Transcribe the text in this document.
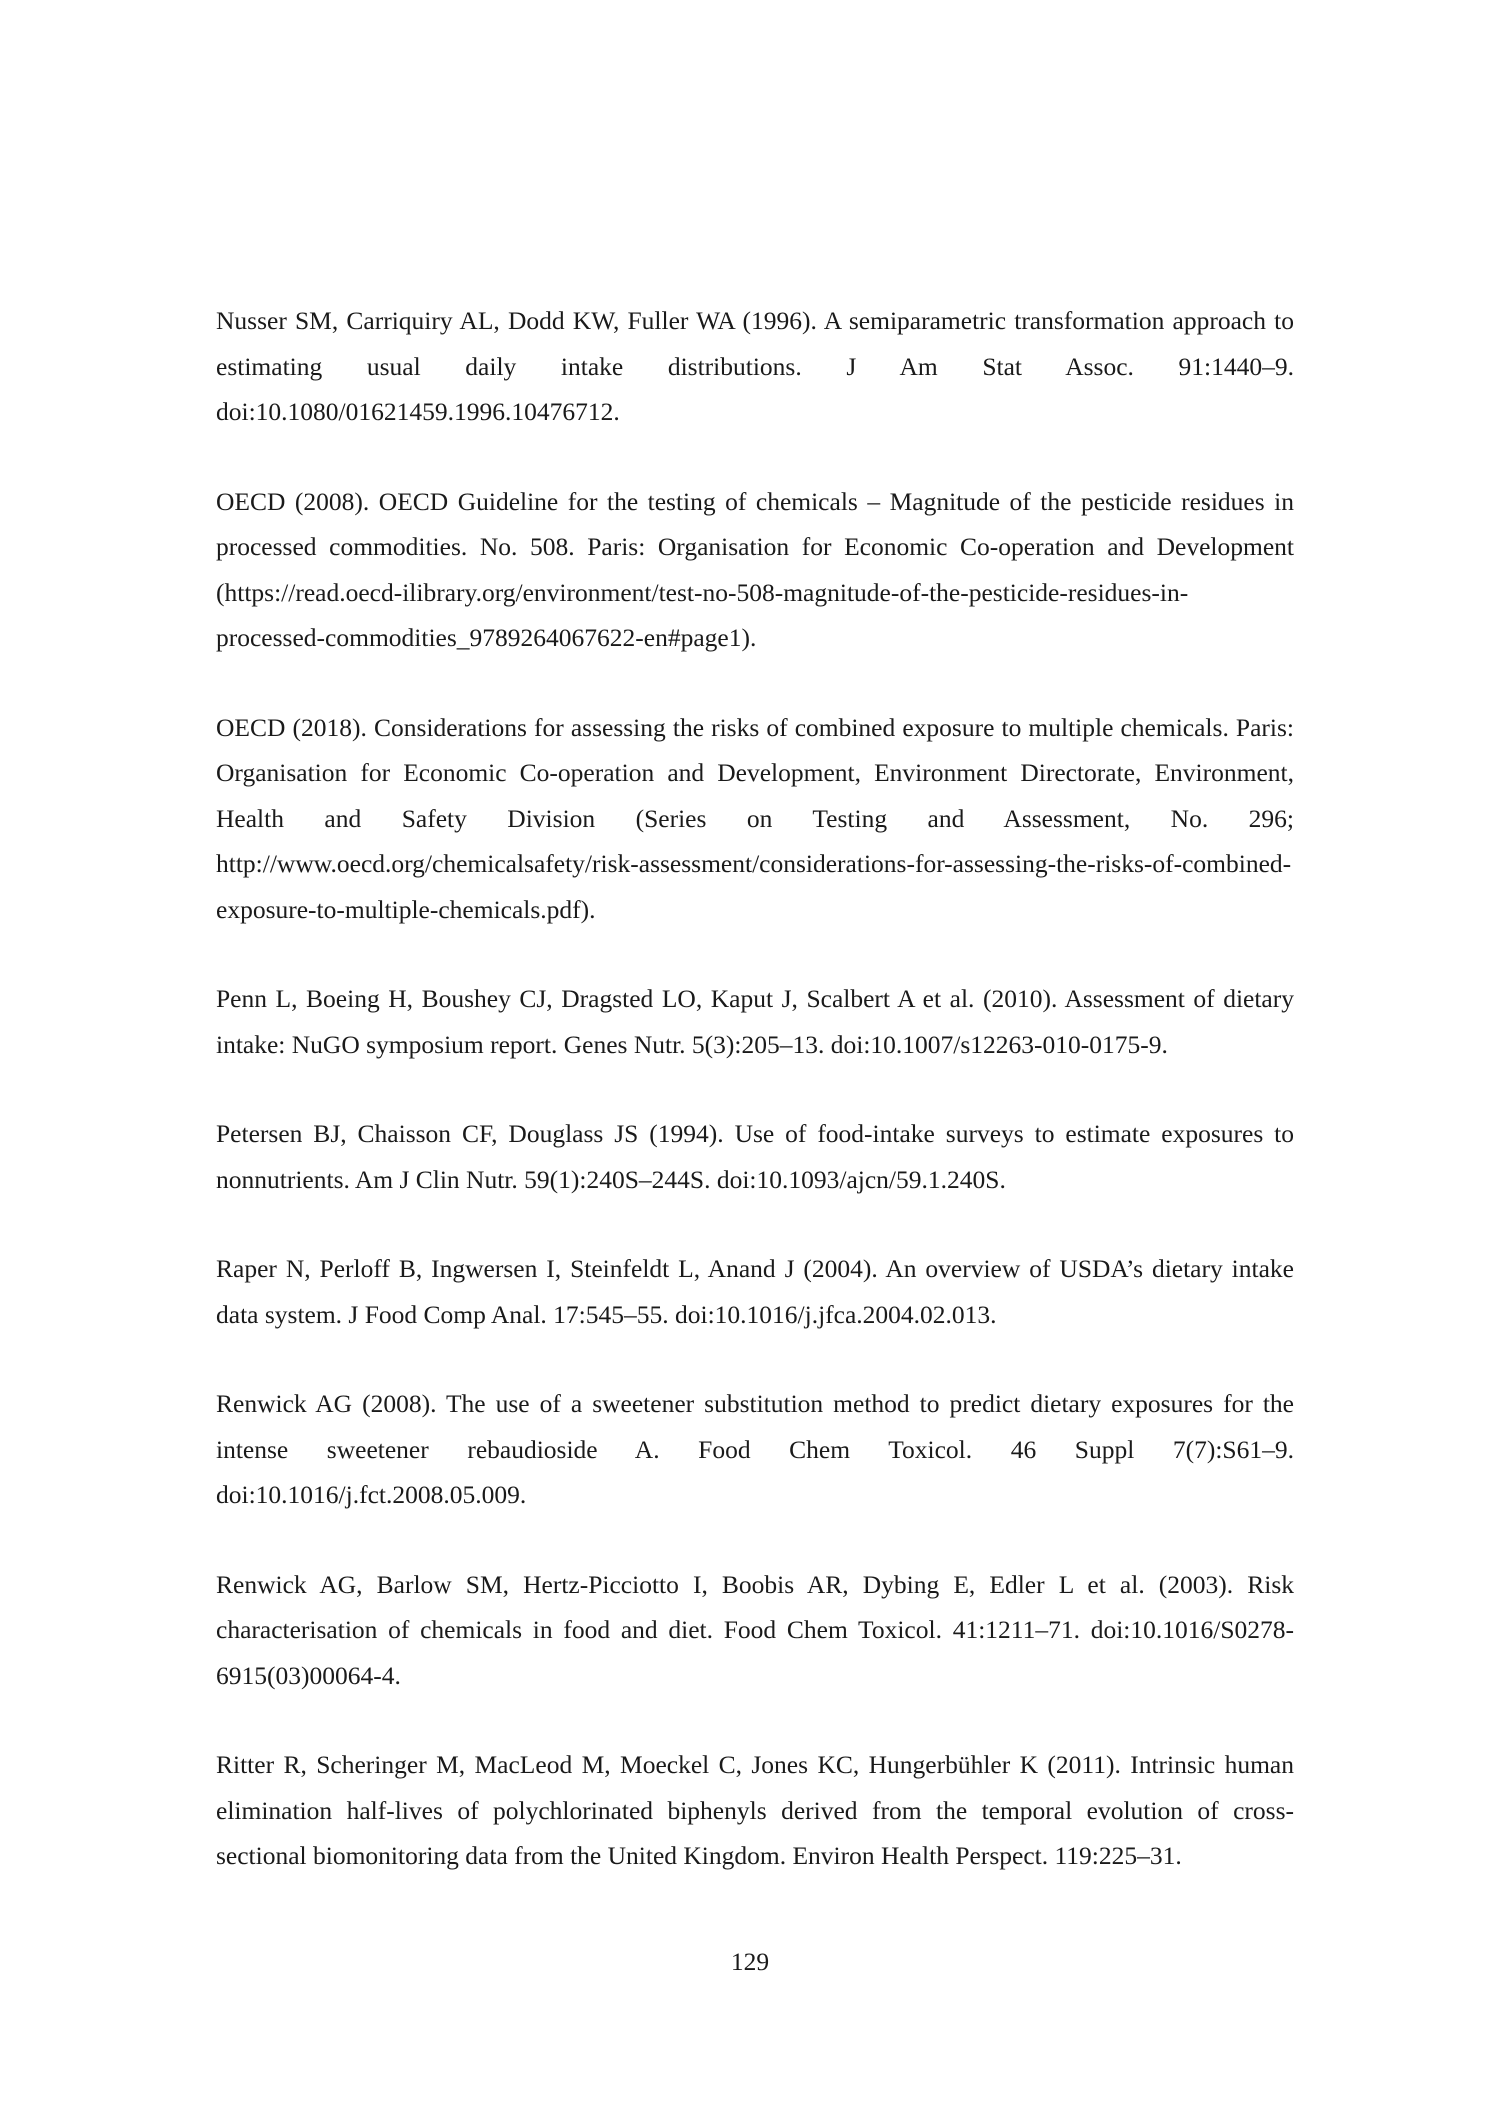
Nusser SM, Carriquiry AL, Dodd KW, Fuller WA (1996). A semiparametric transformation approach to estimating usual daily intake distributions. J Am Stat Assoc. 91:1440–9. doi:10.1080/01621459.1996.10476712.

OECD (2008). OECD Guideline for the testing of chemicals – Magnitude of the pesticide residues in processed commodities. No. 508. Paris: Organisation for Economic Co-operation and Development (https://read.oecd-ilibrary.org/environment/test-no-508-magnitude-of-the-pesticide-residues-in-processed-commodities_9789264067622-en#page1).

OECD (2018). Considerations for assessing the risks of combined exposure to multiple chemicals. Paris: Organisation for Economic Co-operation and Development, Environment Directorate, Environment, Health and Safety Division (Series on Testing and Assessment, No. 296; http://www.oecd.org/chemicalsafety/risk-assessment/considerations-for-assessing-the-risks-of-combined-exposure-to-multiple-chemicals.pdf).

Penn L, Boeing H, Boushey CJ, Dragsted LO, Kaput J, Scalbert A et al. (2010). Assessment of dietary intake: NuGO symposium report. Genes Nutr. 5(3):205–13. doi:10.1007/s12263-010-0175-9.

Petersen BJ, Chaisson CF, Douglass JS (1994). Use of food-intake surveys to estimate exposures to nonnutrients. Am J Clin Nutr. 59(1):240S–244S. doi:10.1093/ajcn/59.1.240S.

Raper N, Perloff B, Ingwersen I, Steinfeldt L, Anand J (2004). An overview of USDA’s dietary intake data system. J Food Comp Anal. 17:545–55. doi:10.1016/j.jfca.2004.02.013.

Renwick AG (2008). The use of a sweetener substitution method to predict dietary exposures for the intense sweetener rebaudioside A. Food Chem Toxicol. 46 Suppl 7(7):S61–9. doi:10.1016/j.fct.2008.05.009.

Renwick AG, Barlow SM, Hertz-Picciotto I, Boobis AR, Dybing E, Edler L et al. (2003). Risk characterisation of chemicals in food and diet. Food Chem Toxicol. 41:1211–71. doi:10.1016/S0278-6915(03)00064-4.

Ritter R, Scheringer M, MacLeod M, Moeckel C, Jones KC, Hungerbühler K (2011). Intrinsic human elimination half-lives of polychlorinated biphenyls derived from the temporal evolution of cross-sectional biomonitoring data from the United Kingdom. Environ Health Perspect. 119:225–31.

129
